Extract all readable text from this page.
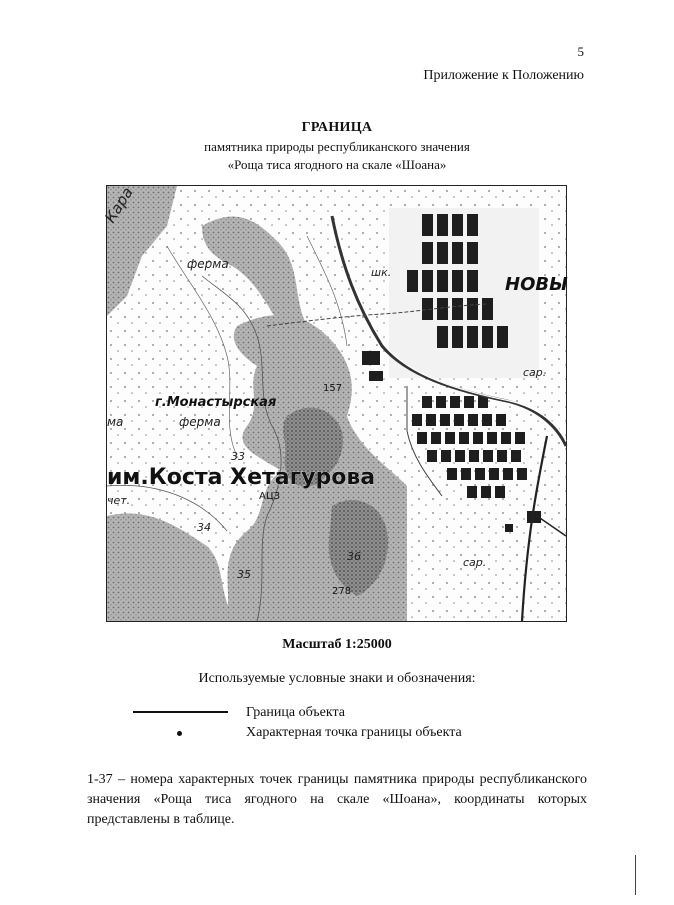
5
Приложение к Положению
ГРАНИЦА
памятника природы республиканского значения
«Роща тиса ягодного на скале «Шоана»
Кара
ферма
шк.
НОВЫ
сар.
г.Монастырская
ма	ферма
157
33
им.Коста Хетагурова
чет.	АЦЗ
34
36
35
278
сар.
Масштаб 1:25000
Используемые условные знаки и обозначения:
Граница объекта
Характерная точка границы объекта
1-37 – номера характерных точек границы памятника природы республиканского значения «Роща тиса ягодного на скале «Шоана», координаты которых представлены в таблице.
